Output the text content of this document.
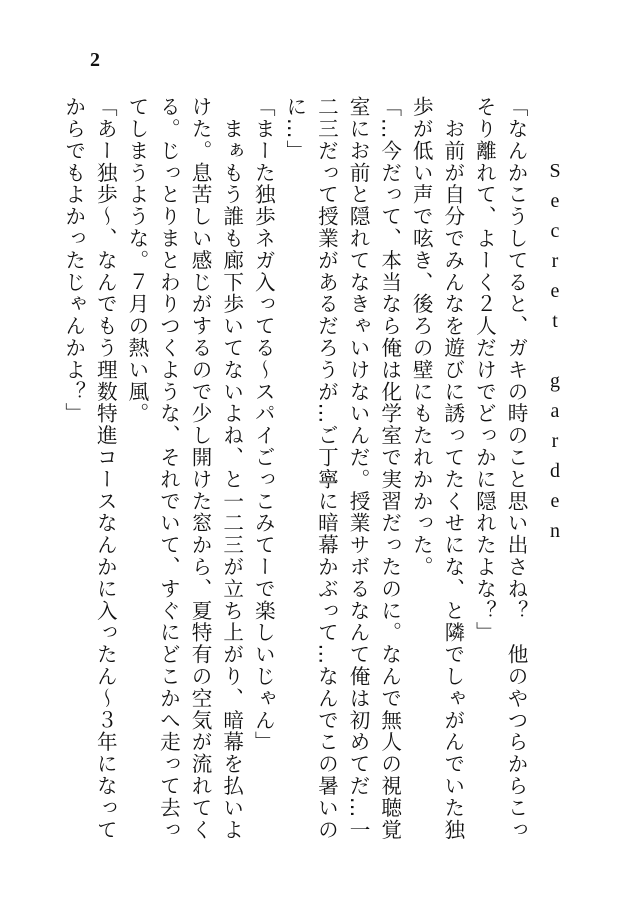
2
Secret garden

「なんかこうしてると、ガキの時のこと思い出さね？　他のやつらからこっ

そり離れて、よーく２人だけでどっかに隠れたよな？」

　お前が自分でみんなを遊びに誘ってたくせにな、と隣でしゃがんでいた独

歩が低い声で呟き、後ろの壁にもたれかかった。

「…今だって、本当なら俺は化学室で実習だったのに。なんで無人の視聴覚

室にお前と隠れてなきゃいけないんだ。授業サボるなんて俺は初めてだ…一

二三だって授業があるだろうが…ご丁寧に暗幕かぶって…なんでこの暑いの

に…」

「まーた独歩ネガ入ってる～スパイごっこみてーで楽しいじゃん」

　まぁもう誰も廊下歩いてないよね、と一二三が立ち上がり、暗幕を払いよ

けた。息苦しい感じがするので少し開けた窓から、夏特有の空気が流れてく

る。じっとりまとわりつくような、それでいて、すぐにどこかへ走って去っ

てしまうような。７月の熱い風。

「あー独歩～、なんでもう理数特進コースなんかに入ったん～３年になって

からでもよかったじゃんかよ？」
